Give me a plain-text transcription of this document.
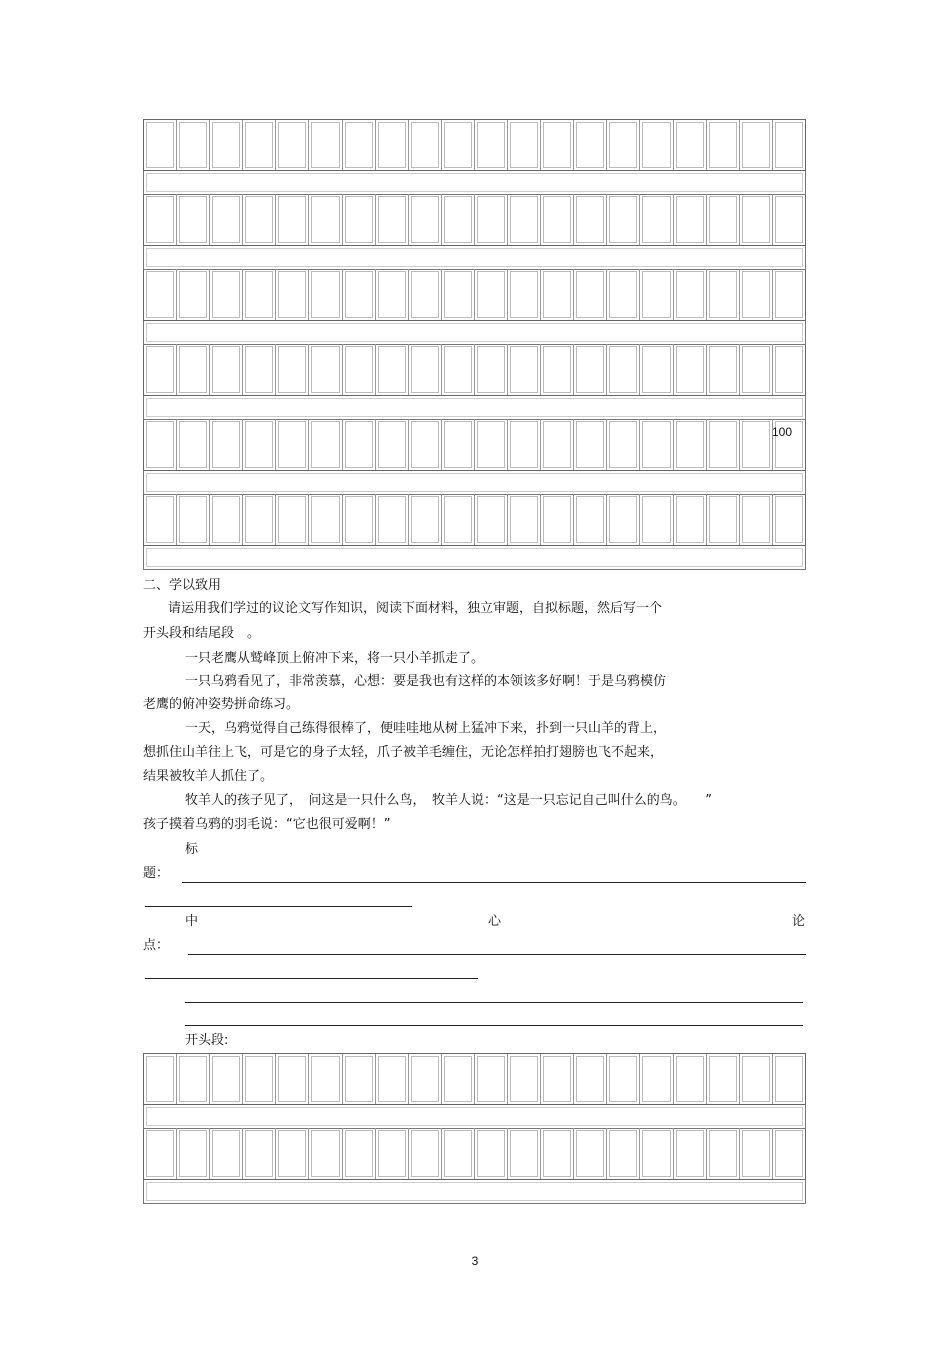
100
二、学以致用
请运用我们学过的议论文写作知识，阅读下面材料，独立审题，自拟标题，然后写一个
开头段和结尾段　。
一只老鹰从鹫峰顶上俯冲下来，将一只小羊抓走了。
一只乌鸦看见了，非常羡慕，心想：要是我也有这样的本领该多好啊！于是乌鸦模仿
老鹰的俯冲姿势拼命练习。
一天，乌鸦觉得自己练得很棒了，便哇哇地从树上猛冲下来，扑到一只山羊的背上，
想抓住山羊往上飞，可是它的身子太轻，爪子被羊毛缠住，无论怎样拍打翅膀也飞不起来，
结果被牧羊人抓住了。
牧羊人的孩子见了，　问这是一只什么鸟，　牧羊人说：“这是一只忘记自己叫什么的鸟。　　”
孩子摸着乌鸦的羽毛说：“它也很可爱啊！”
标
题：
中	心	论
点：
开头段:
3
